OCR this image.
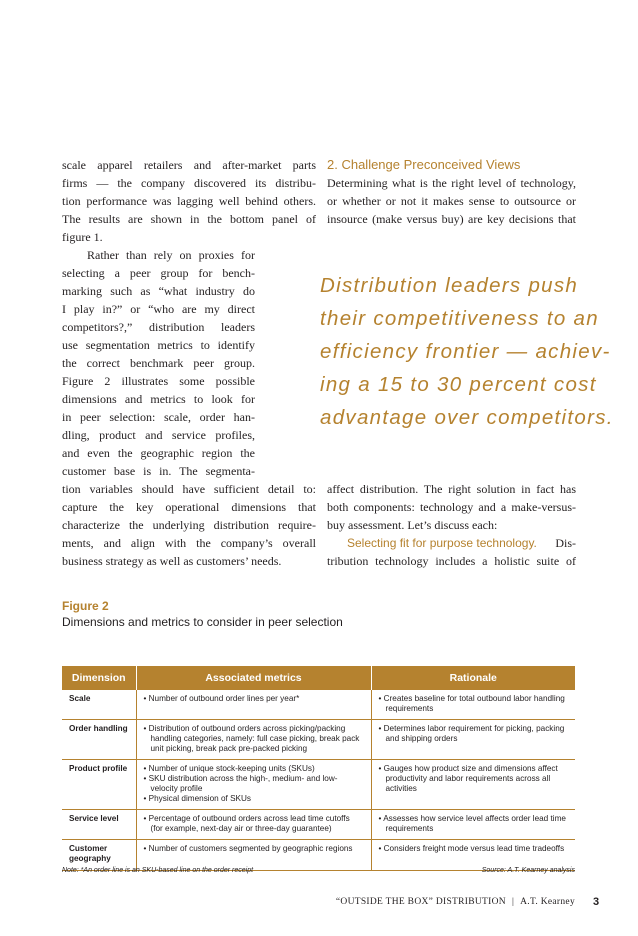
scale apparel retailers and after-market parts
firms — the company discovered its distribu-
tion performance was lagging well behind others.
The results are shown in the bottom panel of
figure 1.
Rather than rely on proxies for
selecting a peer group for bench-
marking such as “what industry do
I play in?” or “who are my direct
competitors?,” distribution leaders
use segmentation metrics to identify
the correct benchmark peer group.
Figure 2 illustrates some possible
dimensions and metrics to look for
in peer selection: scale, order han-
dling, product and service profiles,
and even the geographic region the
customer base is in. The segmenta-
tion variables should have sufficient detail to:
capture the key operational dimensions that
characterize the underlying distribution require-
ments, and align with the company’s overall
business strategy as well as customers’ needs.
2. Challenge Preconceived Views
Determining what is the right level of technology,
or whether or not it makes sense to outsource or
insource (make versus buy) are key decisions that
Distribution leaders push
their competitiveness to an
efficiency frontier — achiev-
ing a 15 to 30 percent cost
advantage over competitors.
affect distribution. The right solution in fact has
both components: technology and a make-versus-
buy assessment. Let’s discuss each:
Selecting fit for purpose technology. Dis-
tribution technology includes a holistic suite of
Figure 2
Dimensions and metrics to consider in peer selection
Dimension	Associated metrics	Rationale
Scale	• Number of outbound order lines per year*	• Creates baseline for total outbound labor handling requirements

Order handling	• Distribution of outbound orders across picking/packing handling categories, namely: full case picking, break pack unit picking, break pack pre-packed picking	• Determines labor requirement for picking, packing and shipping orders

Product profile	• Number of unique stock-keeping units (SKUs)
• SKU distribution across the high-, medium- and low-velocity profile
• Physical dimension of SKUs	• Gauges how product size and dimensions affect productivity and labor requirements across all activities

Service level	• Percentage of outbound orders across lead time cutoffs (for example, next-day air or three-day guarantee)	• Assesses how service level affects order lead time requirements

Customer geography	• Number of customers segmented by geographic regions	• Considers freight mode versus lead time tradeoffs
Note: *An order line is an SKU-based line on the order receipt	Source: A.T. Kearney analysis
“OUTSIDE THE BOX” DISTRIBUTION | A.T. Kearney 3
